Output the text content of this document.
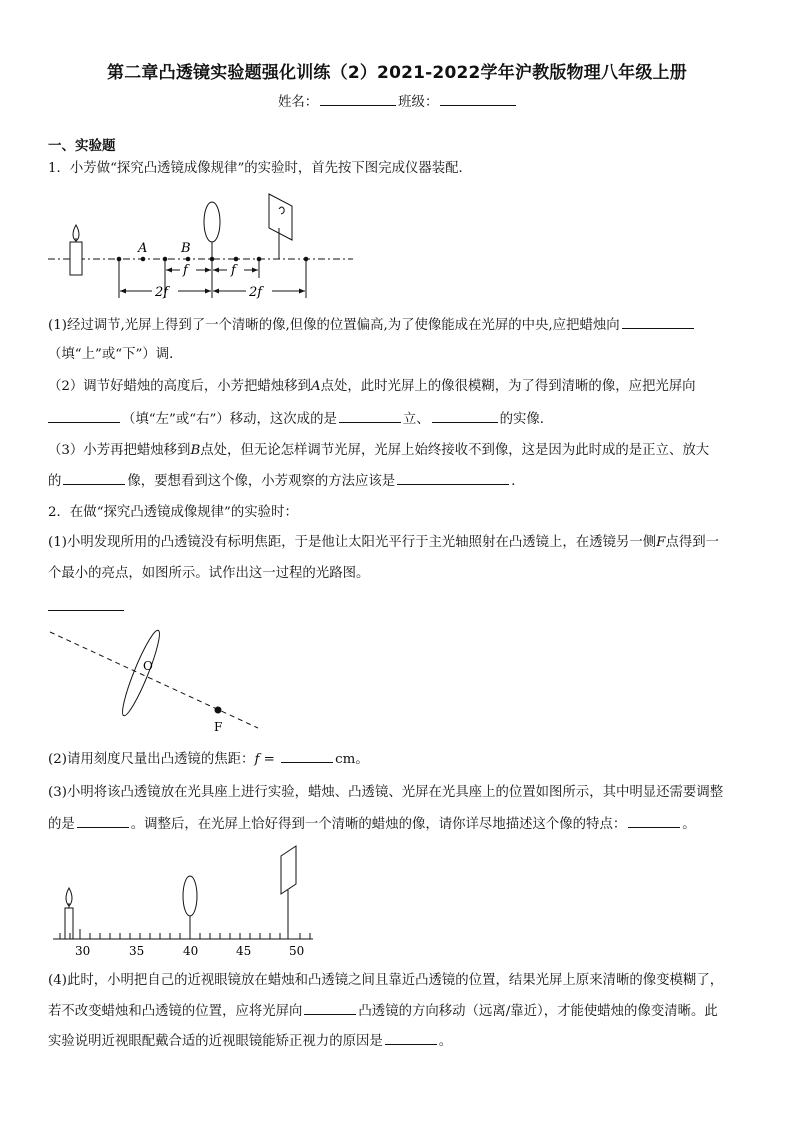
第二章凸透镜实验题强化训练（2）2021-2022学年沪教版物理八年级上册
姓名：	班级：
一、实验题
1．小芳做“探究凸透镜成像规律”的实验时，首先按下图完成仪器装配．
A	B
f	f
2f	2f
(1)经过调节,光屏上得到了一个清晰的像,但像的位置偏高,为了使像能成在光屏的中央,应把蜡烛向
（填“上”或“下”）调．
（2）调节好蜡烛的高度后，小芳把蜡烛移到A点处，此时光屏上的像很模糊，为了得到清晰的像，应把光屏向
（填“左”或“右”）移动，这次成的是	立、	的实像．
（3）小芳再把蜡烛移到B点处，但无论怎样调节光屏，光屏上始终接收不到像，这是因为此时成的是正立、放大
的	像，要想看到这个像，小芳观察的方法应该是	．
2．在做“探究凸透镜成像规律”的实验时：
(1)小明发现所用的凸透镜没有标明焦距，于是他让太阳光平行于主光轴照射在凸透镜上，在透镜另一侧F点得到一
个最小的亮点，如图所示。试作出这一过程的光路图。
O
F
(2)请用刻度尺量出凸透镜的焦距：f =	cm。
(3)小明将该凸透镜放在光具座上进行实验，蜡烛、凸透镜、光屏在光具座上的位置如图所示，其中明显还需要调整
的是	。调整后，在光屏上恰好得到一个清晰的蜡烛的像，请你详尽地描述这个像的特点：	。
30	35	40	45	50
(4)此时，小明把自己的近视眼镜放在蜡烛和凸透镜之间且靠近凸透镜的位置，结果光屏上原来清晰的像变模糊了，
若不改变蜡烛和凸透镜的位置，应将光屏向	凸透镜的方向移动（远离/靠近），才能使蜡烛的像变清晰。此
实验说明近视眼配戴合适的近视眼镜能矫正视力的原因是	。
